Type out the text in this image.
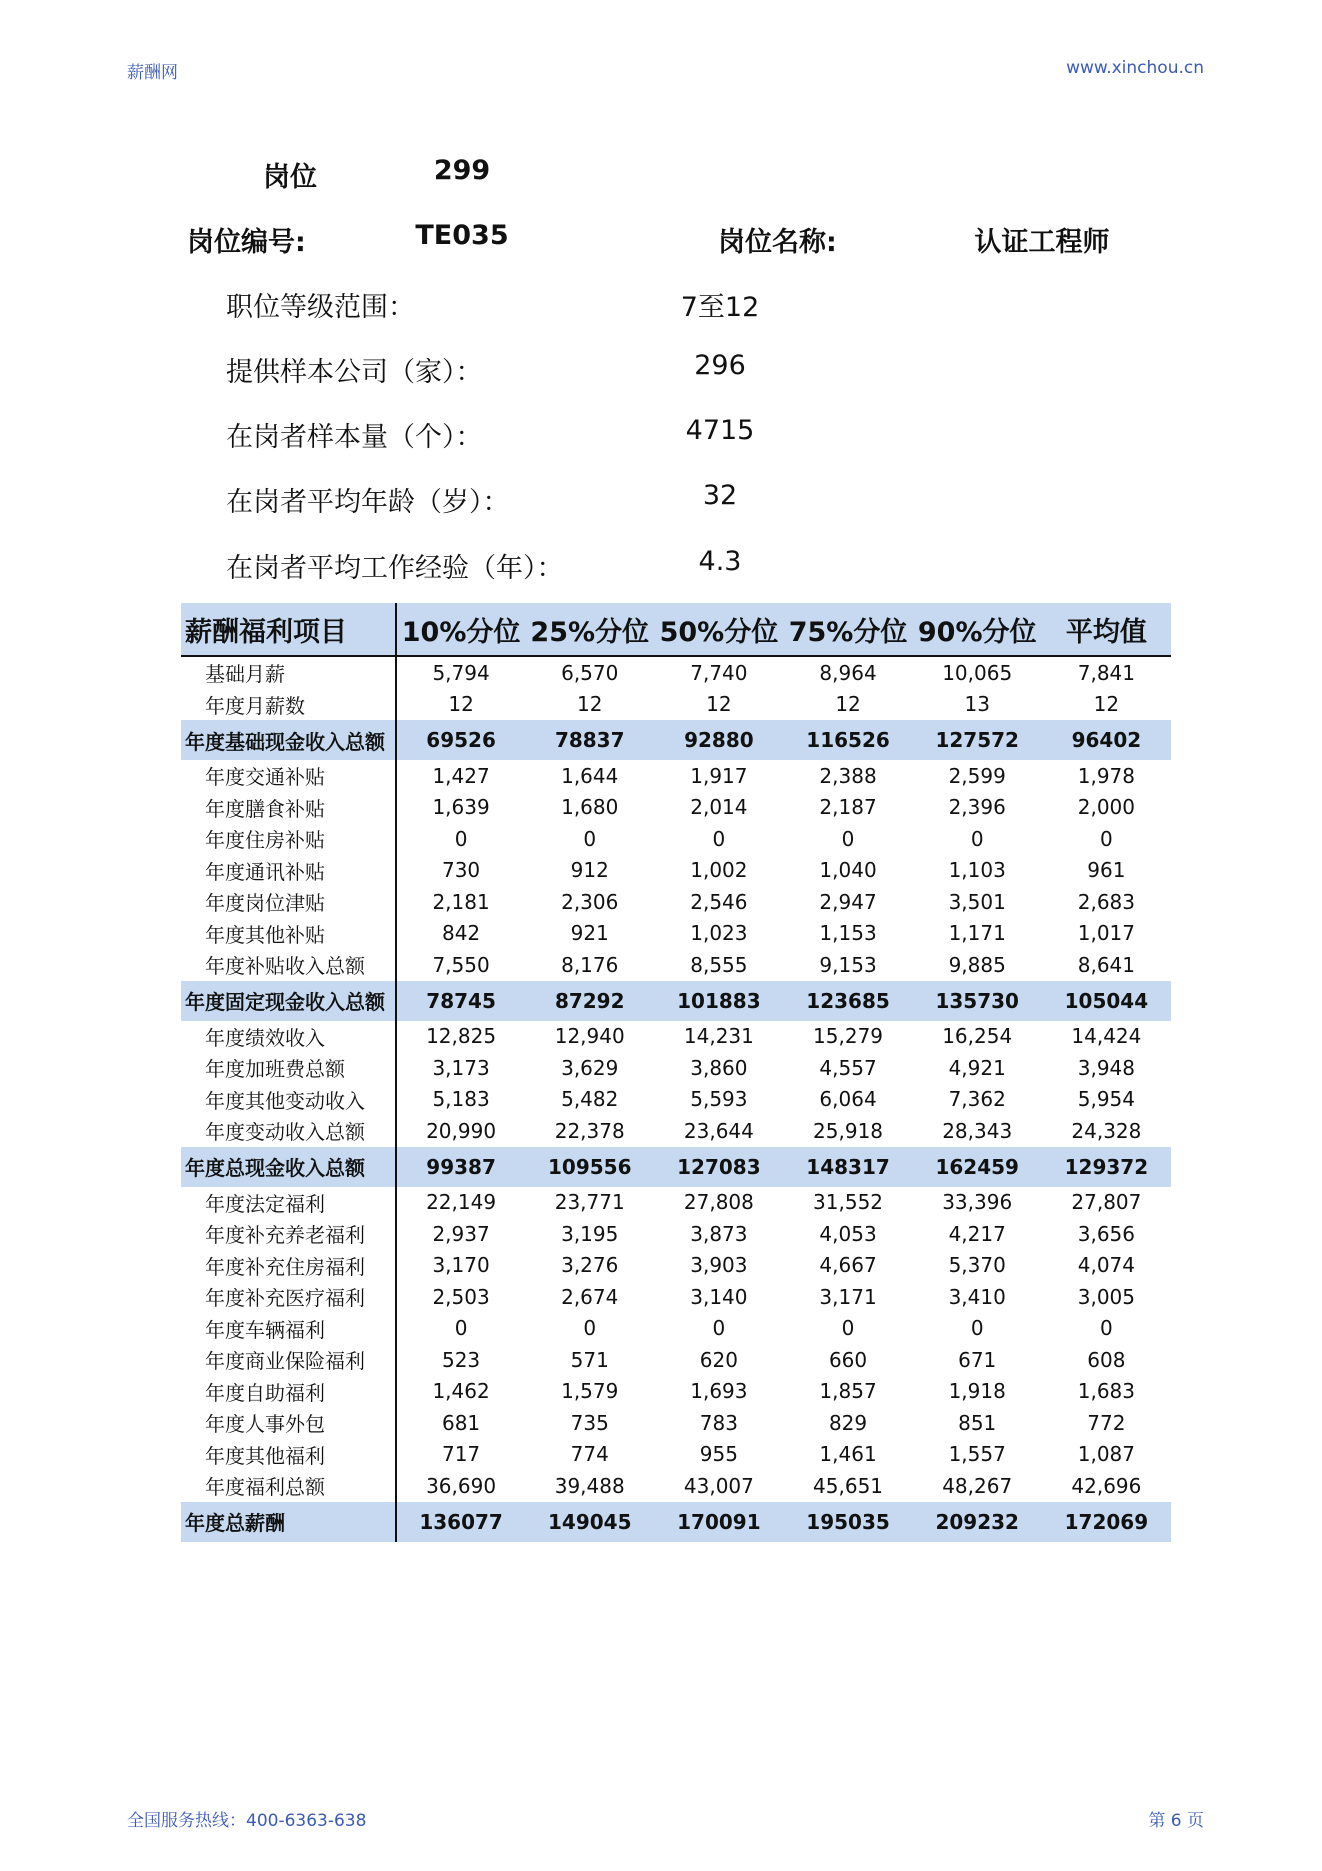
薪酬网	www.xinchou.cn
岗位	299
岗位编号:	TE035	岗位名称:	认证工程师
职位等级范围：	7至12
提供样本公司（家）：	296
在岗者样本量（个）：	4715
在岗者平均年龄（岁）：	32
在岗者平均工作经验（年）：	4.3
薪酬福利项目	10%分位	25%分位	50%分位	75%分位	90%分位	平均值
基础月薪	5,794	6,570	7,740	8,964	10,065	7,841
年度月薪数	12	12	12	12	13	12
年度基础现金收入总额	69526	78837	92880	116526	127572	96402
年度交通补贴	1,427	1,644	1,917	2,388	2,599	1,978
年度膳食补贴	1,639	1,680	2,014	2,187	2,396	2,000
年度住房补贴	0	0	0	0	0	0
年度通讯补贴	730	912	1,002	1,040	1,103	961
年度岗位津贴	2,181	2,306	2,546	2,947	3,501	2,683
年度其他补贴	842	921	1,023	1,153	1,171	1,017
年度补贴收入总额	7,550	8,176	8,555	9,153	9,885	8,641
年度固定现金收入总额	78745	87292	101883	123685	135730	105044
年度绩效收入	12,825	12,940	14,231	15,279	16,254	14,424
年度加班费总额	3,173	3,629	3,860	4,557	4,921	3,948
年度其他变动收入	5,183	5,482	5,593	6,064	7,362	5,954
年度变动收入总额	20,990	22,378	23,644	25,918	28,343	24,328
年度总现金收入总额	99387	109556	127083	148317	162459	129372
年度法定福利	22,149	23,771	27,808	31,552	33,396	27,807
年度补充养老福利	2,937	3,195	3,873	4,053	4,217	3,656
年度补充住房福利	3,170	3,276	3,903	4,667	5,370	4,074
年度补充医疗福利	2,503	2,674	3,140	3,171	3,410	3,005
年度车辆福利	0	0	0	0	0	0
年度商业保险福利	523	571	620	660	671	608
年度自助福利	1,462	1,579	1,693	1,857	1,918	1,683
年度人事外包	681	735	783	829	851	772
年度其他福利	717	774	955	1,461	1,557	1,087
年度福利总额	36,690	39,488	43,007	45,651	48,267	42,696
年度总薪酬	136077	149045	170091	195035	209232	172069
全国服务热线：400-6363-638	第 6 页
